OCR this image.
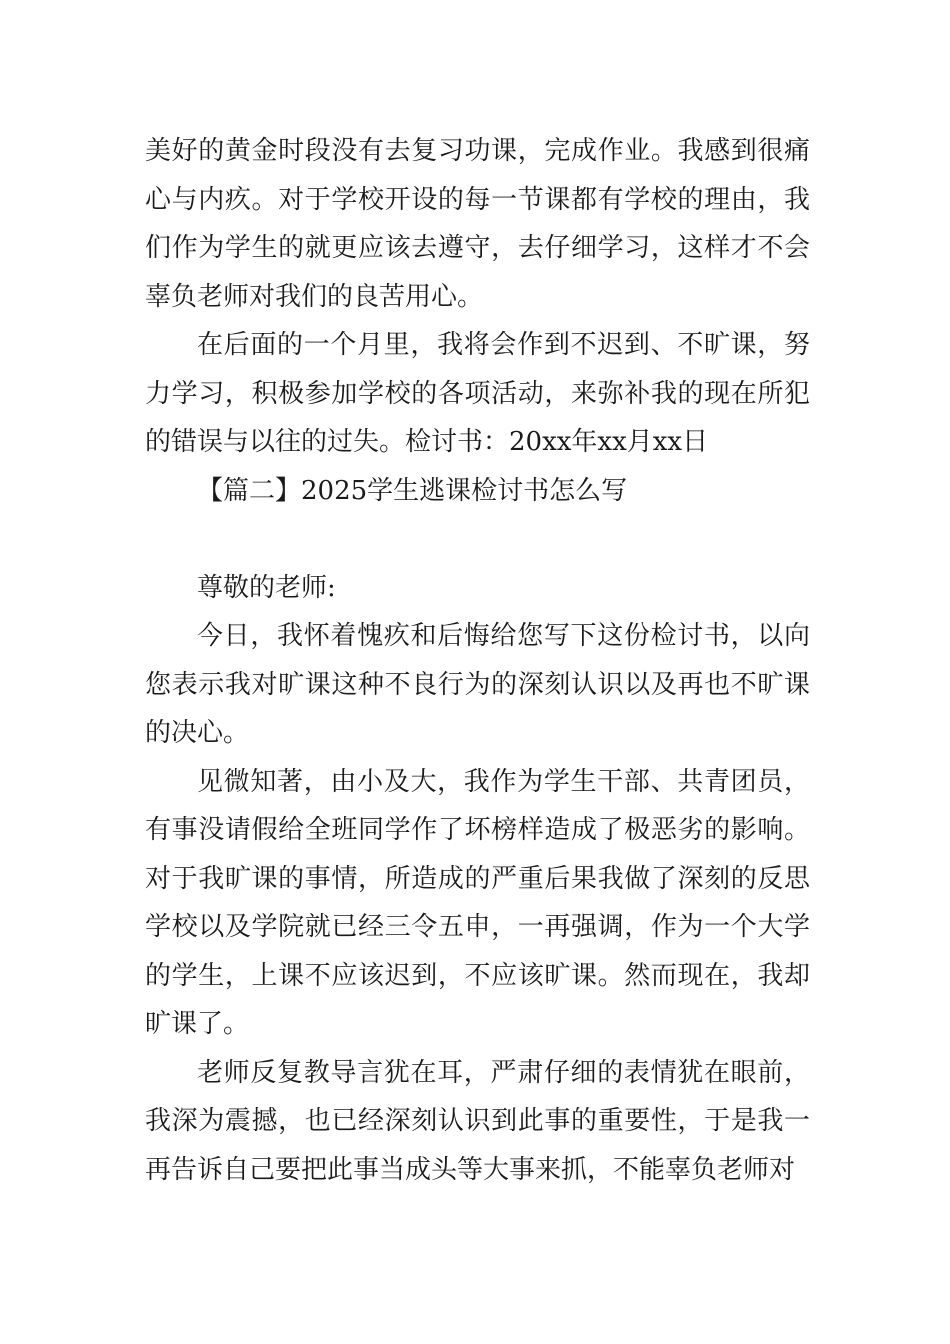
美好的黄金时段没有去复习功课，完成作业。我感到很痛心与内疚。对于学校开设的每一节课都有学校的理由，我们作为学生的就更应该去遵守，去仔细学习，这样才不会辜负老师对我们的良苦用心。

在后面的一个月里，我将会作到不迟到、不旷课，努力学习，积极参加学校的各项活动，来弥补我的现在所犯的错误与以往的过失。检讨书：20xx年xx月xx日

【篇二】2025学生逃课检讨书怎么写

尊敬的老师:

今日，我怀着愧疚和后悔给您写下这份检讨书，以向您表示我对旷课这种不良行为的深刻认识以及再也不旷课的决心。

见微知著，由小及大，我作为学生干部、共青团员，有事没请假给全班同学作了坏榜样造成了极恶劣的影响。对于我旷课的事情，所造成的严重后果我做了深刻的反思学校以及学院就已经三令五申，一再强调，作为一个大学的学生，上课不应该迟到，不应该旷课。然而现在，我却旷课了。

老师反复教导言犹在耳，严肃仔细的表情犹在眼前，我深为震撼，也已经深刻认识到此事的重要性，于是我一再告诉自己要把此事当成头等大事来抓，不能辜负老师对
